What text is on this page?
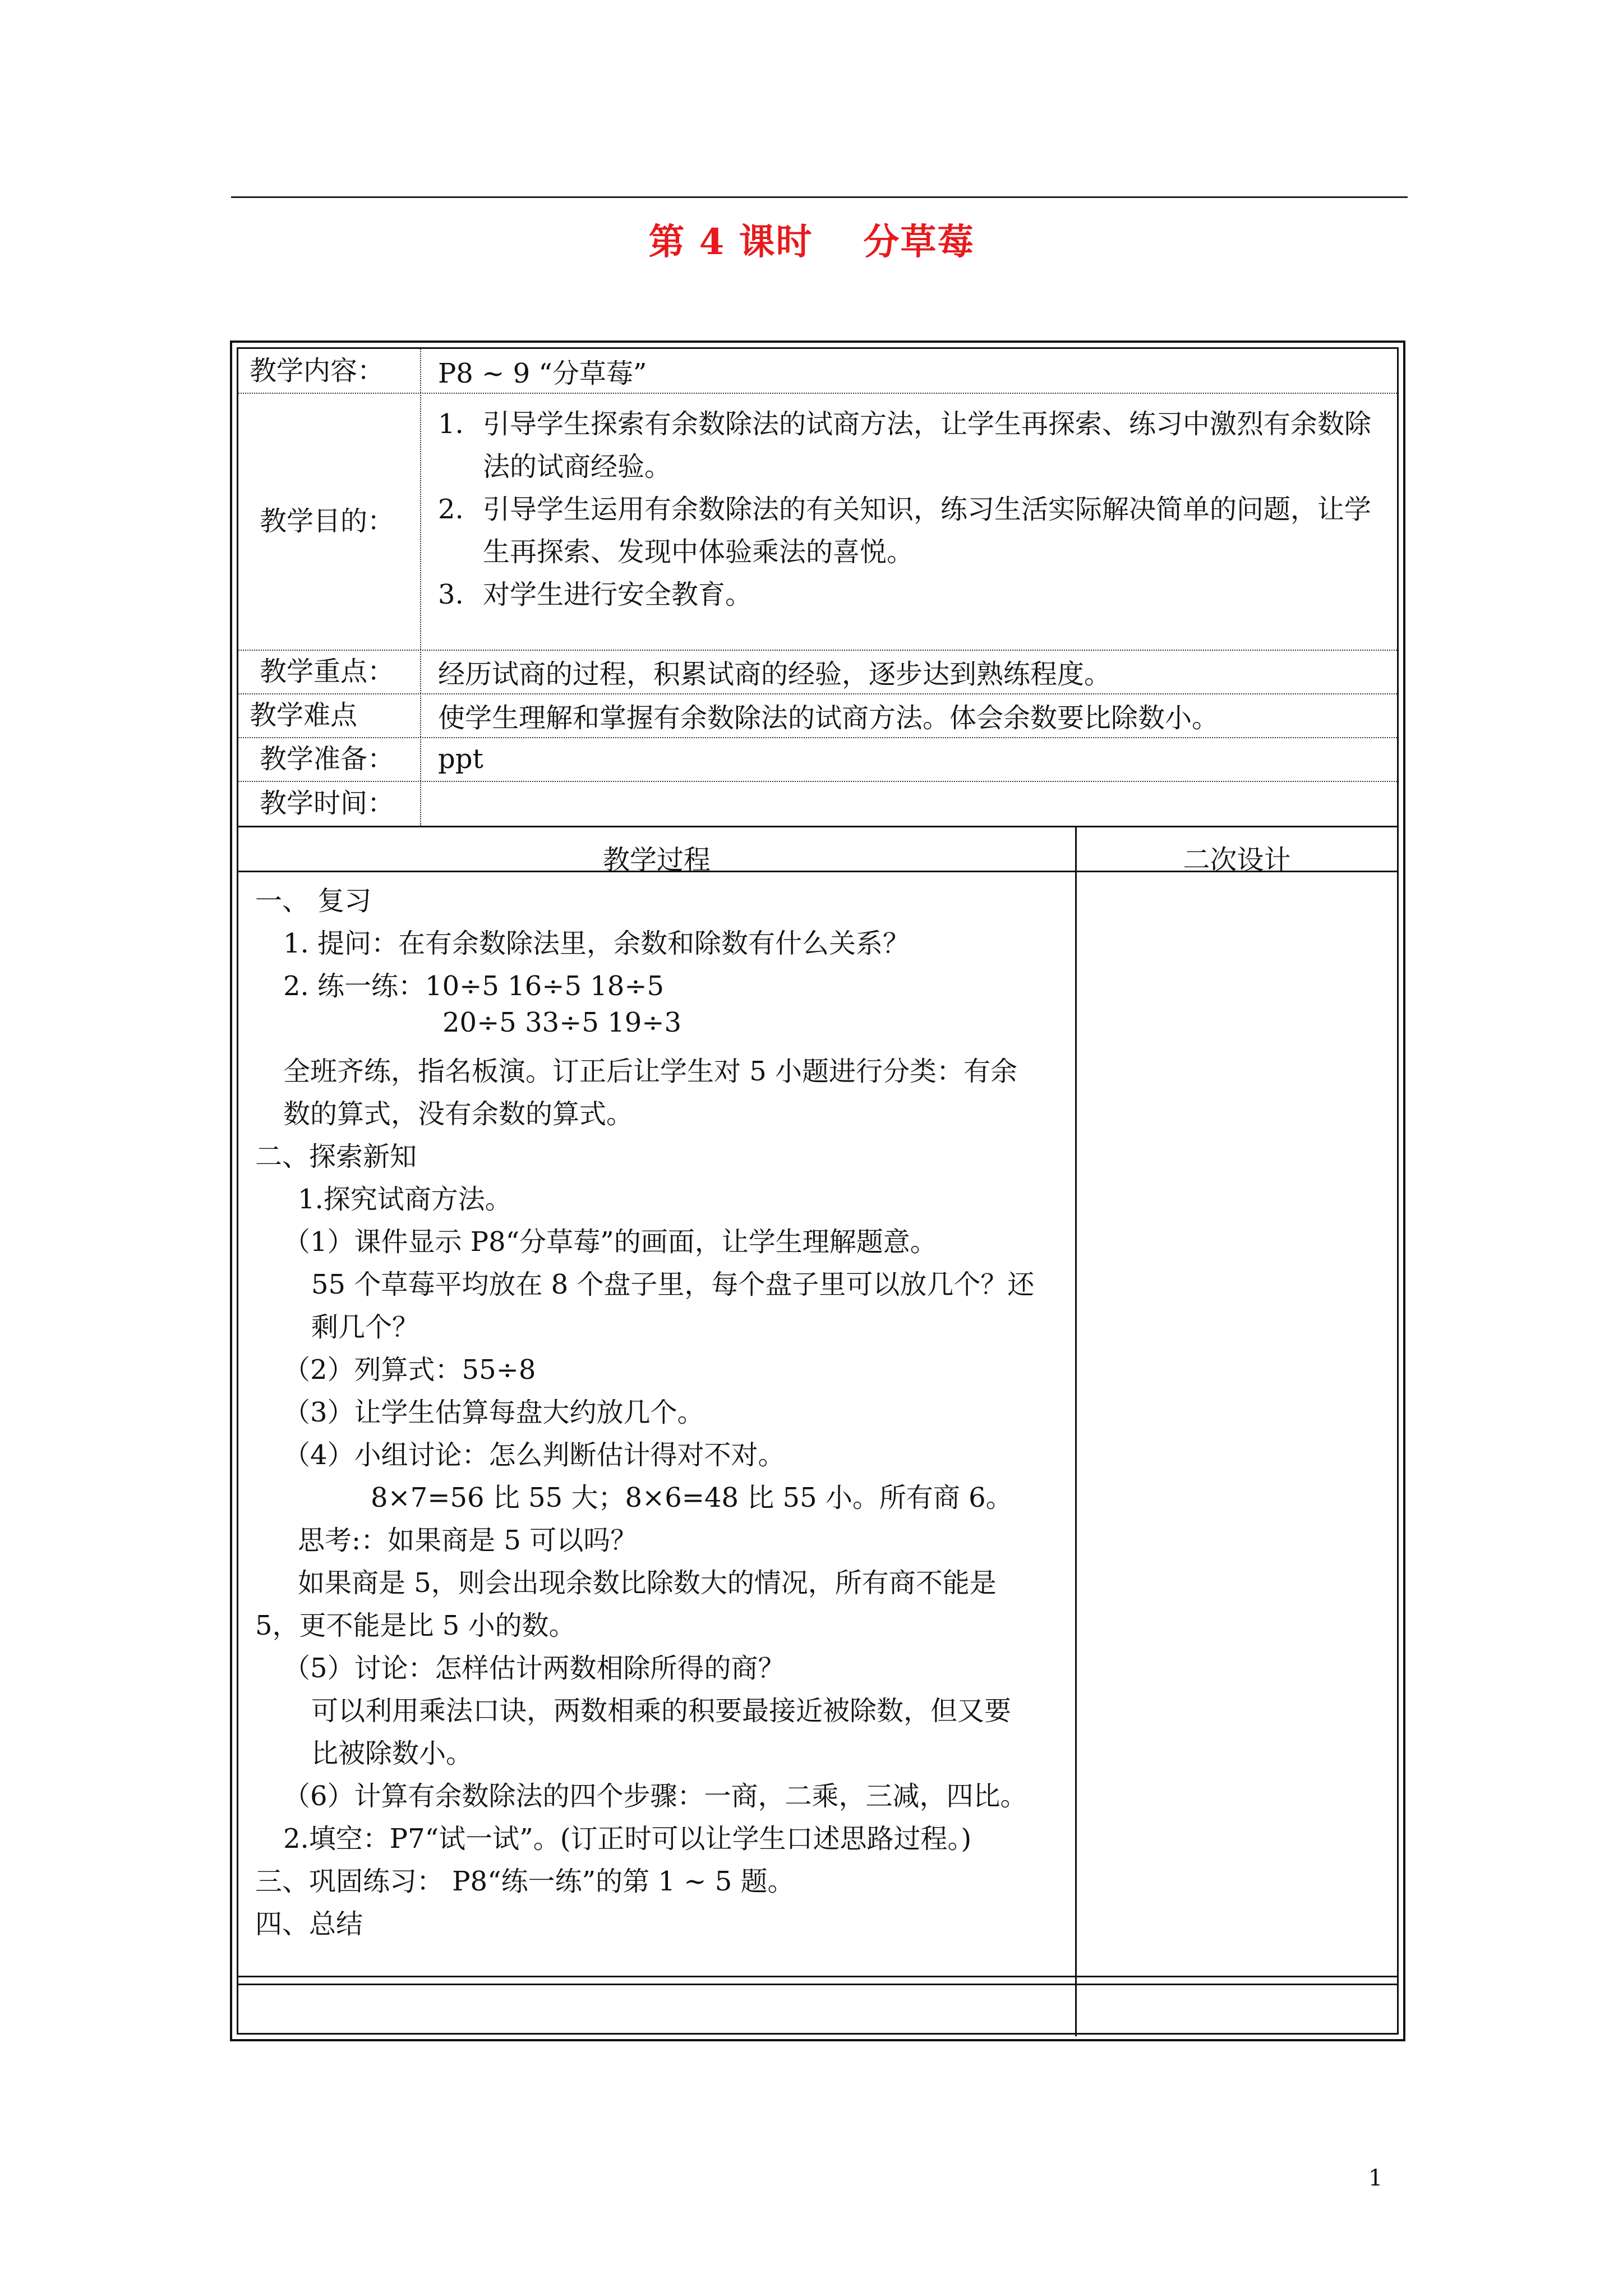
第 4 课时 分草莓
教学内容：	P8 ~ 9 “分草莓”
教学目的：
1. 引导学生探索有余数除法的试商方法，让学生再探索、练习中激烈有余数除法的试商经验。
2. 引导学生运用有余数除法的有关知识，练习生活实际解决简单的问题，让学生再探索、发现中体验乘法的喜悦。
3. 对学生进行安全教育。
教学重点：	经历试商的过程，积累试商的经验，逐步达到熟练程度。
教学难点	使学生理解和掌握有余数除法的试商方法。体会余数要比除数小。
教学准备：	ppt
教学时间：
教学过程	二次设计
一、 复习
1. 提问：在有余数除法里，余数和除数有什么关系？
2. 练一练：10÷5 16÷5 18÷5
20÷5 33÷5 19÷3
全班齐练，指名板演。订正后让学生对 5 小题进行分类：有余
数的算式，没有余数的算式。
二、探索新知
1.探究试商方法。
（1）课件显示 P8“分草莓”的画面，让学生理解题意。
55 个草莓平均放在 8 个盘子里，每个盘子里可以放几个？还
剩几个？
（2）列算式：55÷8
（3）让学生估算每盘大约放几个。
（4）小组讨论：怎么判断估计得对不对。
8×7=56 比 55 大；8×6=48 比 55 小。所有商 6。
思考:：如果商是 5 可以吗？
如果商是 5，则会出现余数比除数大的情况，所有商不能是
5，更不能是比 5 小的数。
（5）讨论：怎样估计两数相除所得的商？
可以利用乘法口诀，两数相乘的积要最接近被除数，但又要
比被除数小。
（6）计算有余数除法的四个步骤：一商，二乘，三减，四比。
2.填空：P7“试一试”。(订正时可以让学生口述思路过程。)
三、巩固练习： P8“练一练”的第 1 ~ 5 题。
四、总结
1
